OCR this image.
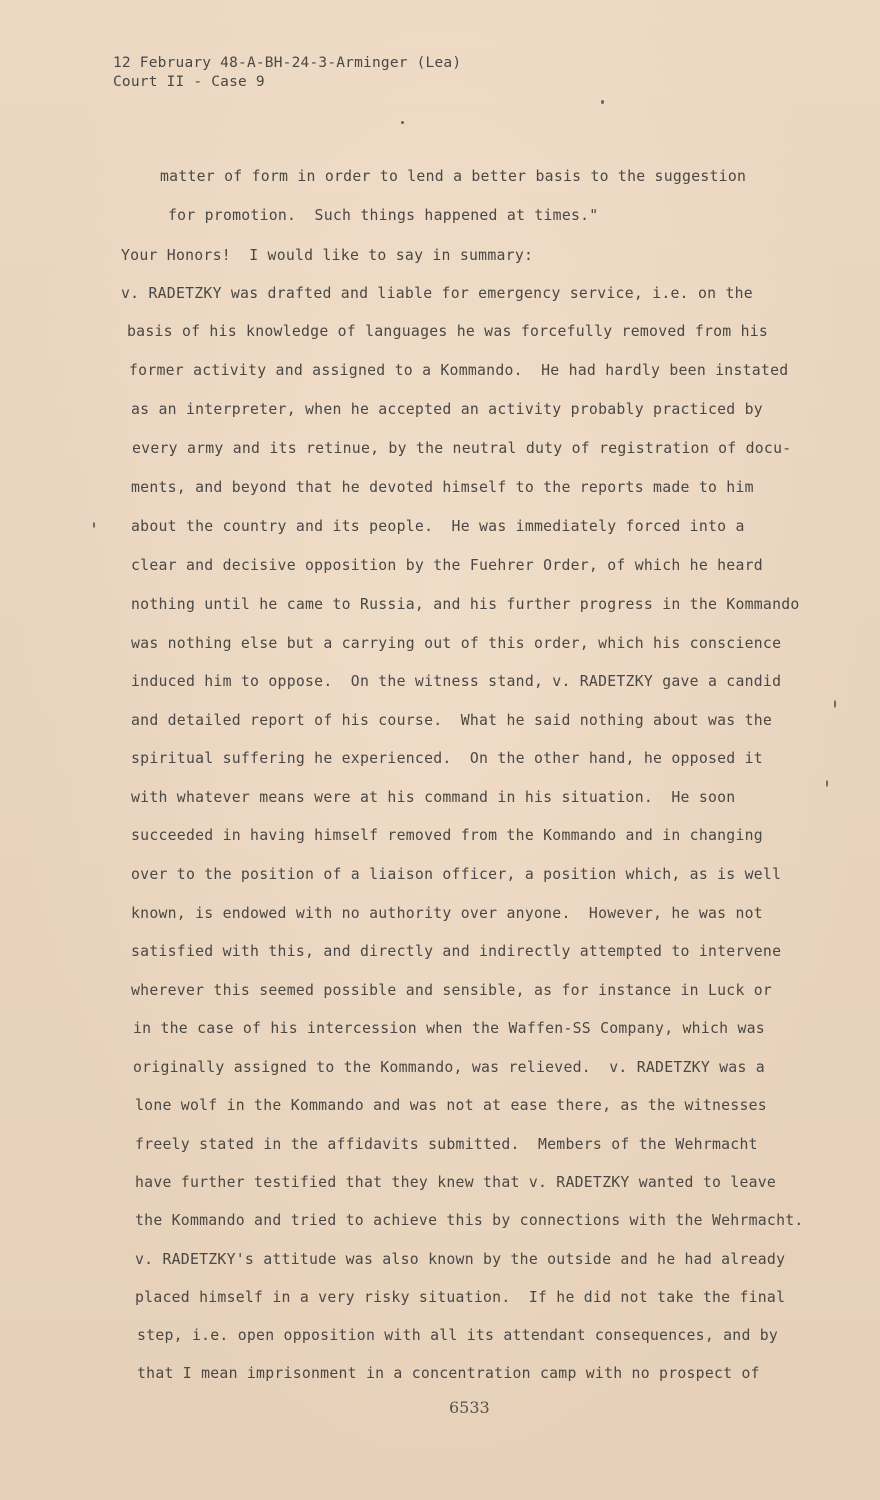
12 February 48-A-BH-24-3-Arminger (Lea)
Court II - Case 9
matter of form in order to lend a better basis to the suggestion
for promotion.  Such things happened at times."
Your Honors!  I would like to say in summary:
v. RADETZKY was drafted and liable for emergency service, i.e. on the
basis of his knowledge of languages he was forcefully removed from his
former activity and assigned to a Kommando.  He had hardly been instated
as an interpreter, when he accepted an activity probably practiced by
every army and its retinue, by the neutral duty of registration of docu-
ments, and beyond that he devoted himself to the reports made to him
about the country and its people.  He was immediately forced into a
clear and decisive opposition by the Fuehrer Order, of which he heard
nothing until he came to Russia, and his further progress in the Kommando
was nothing else but a carrying out of this order, which his conscience
induced him to oppose.  On the witness stand, v. RADETZKY gave a candid
and detailed report of his course.  What he said nothing about was the
spiritual suffering he experienced.  On the other hand, he opposed it
with whatever means were at his command in his situation.  He soon
succeeded in having himself removed from the Kommando and in changing
over to the position of a liaison officer, a position which, as is well
known, is endowed with no authority over anyone.  However, he was not
satisfied with this, and directly and indirectly attempted to intervene
wherever this seemed possible and sensible, as for instance in Luck or
in the case of his intercession when the Waffen-SS Company, which was
originally assigned to the Kommando, was relieved.  v. RADETZKY was a
lone wolf in the Kommando and was not at ease there, as the witnesses
freely stated in the affidavits submitted.  Members of the Wehrmacht
have further testified that they knew that v. RADETZKY wanted to leave
the Kommando and tried to achieve this by connections with the Wehrmacht.
v. RADETZKY's attitude was also known by the outside and he had already
placed himself in a very risky situation.  If he did not take the final
step, i.e. open opposition with all its attendant consequences, and by
that I mean imprisonment in a concentration camp with no prospect of
6533
